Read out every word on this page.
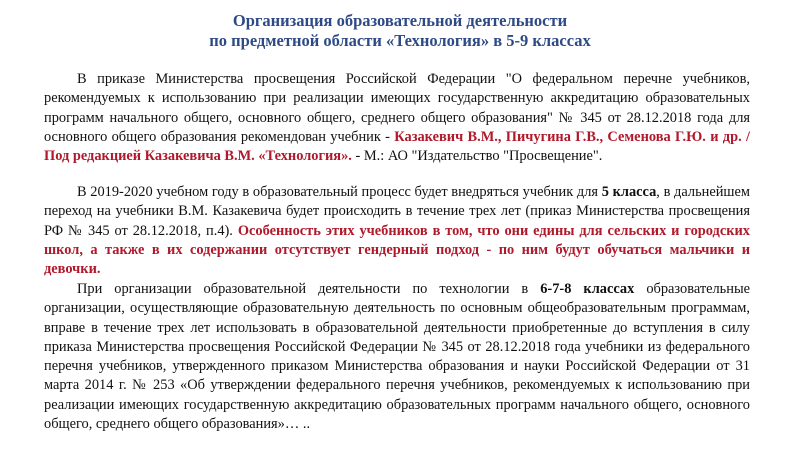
Организация образовательной деятельности
по предметной области «Технология» в 5-9 классах

В приказе Министерства просвещения Российской Федерации "О федеральном перечне учебников, рекомендуемых к использованию при реализации имеющих государственную аккредитацию образовательных программ начального общего, основного общего, среднего общего образования" № 345 от 28.12.2018 года для основного общего образования рекомендован учебник - Казакевич В.М., Пичугина Г.В., Семенова Г.Ю. и др. / Под редакцией Казакевича В.М. «Технология». - М.: АО "Издательство "Просвещение".

В 2019-2020 учебном году в образовательный процесс будет внедряться учебник для 5 класса, в дальнейшем переход на учебники В.М. Казакевича будет происходить в течение трех лет (приказ Министерства просвещения РФ № 345 от 28.12.2018, п.4). Особенность этих учебников в том, что они едины для сельских и городских школ, а также в их содержании отсутствует гендерный подход - по ним будут обучаться мальчики и девочки.

При организации образовательной деятельности по технологии в 6-7-8 классах образовательные организации, осуществляющие образовательную деятельность по основным общеобразовательным программам, вправе в течение трех лет использовать в образовательной деятельности приобретенные до вступления в силу приказа Министерства просвещения Российской Федерации № 345 от 28.12.2018 года учебники из федерального перечня учебников, утвержденного приказом Министерства образования и науки Российской Федерации от 31 марта 2014 г. № 253 «Об утверждении федерального перечня учебников, рекомендуемых к использованию при реализации имеющих государственную аккредитацию образовательных программ начального общего, основного общего, среднего общего образования»… ..
